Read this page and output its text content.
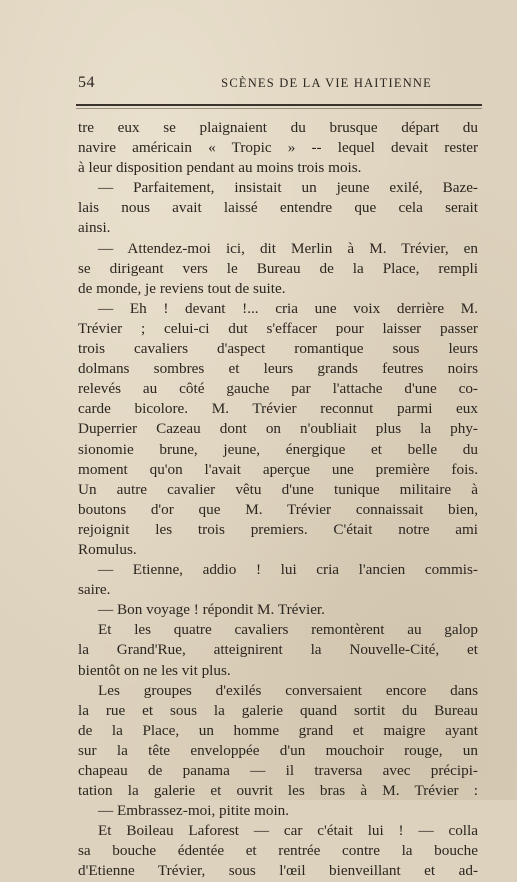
54	SCÈNES DE LA VIE HAITIENNE
tre eux se plaignaient du brusque départ du
navire américain « Tropic » -- lequel devait rester
à leur disposition pendant au moins trois mois.
— Parfaitement, insistait un jeune exilé, Baze-
lais nous avait laissé entendre que cela serait
ainsi.
— Attendez-moi ici, dit Merlin à M. Trévier, en
se dirigeant vers le Bureau de la Place, rempli
de monde, je reviens tout de suite.
— Eh ! devant !... cria une voix derrière M.
Trévier ; celui-ci dut s'effacer pour laisser passer
trois cavaliers d'aspect romantique sous leurs
dolmans sombres et leurs grands feutres noirs
relevés au côté gauche par l'attache d'une co-
carde bicolore. M. Trévier reconnut parmi eux
Duperrier Cazeau dont on n'oubliait plus la phy-
sionomie brune, jeune, énergique et belle du
moment qu'on l'avait aperçue une première fois.
Un autre cavalier vêtu d'une tunique militaire à
boutons d'or que M. Trévier connaissait bien,
rejoignit les trois premiers. C'était notre ami
Romulus.
— Etienne, addio ! lui cria l'ancien commis-
saire.
— Bon voyage ! répondit M. Trévier.
Et les quatre cavaliers remontèrent au galop
la Grand'Rue, atteignirent la Nouvelle-Cité, et
bientôt on ne les vit plus.
Les groupes d'exilés conversaient encore dans
la rue et sous la galerie quand sortit du Bureau
de la Place, un homme grand et maigre ayant
sur la tête enveloppée d'un mouchoir rouge, un
chapeau de panama — il traversa avec précipi-
tation la galerie et ouvrit les bras à M. Trévier :
— Embrassez-moi, pitite moin.
Et Boileau Laforest — car c'était lui ! — colla
sa bouche édentée et rentrée contre la bouche
d'Etienne Trévier, sous l'œil bienveillant et ad-
